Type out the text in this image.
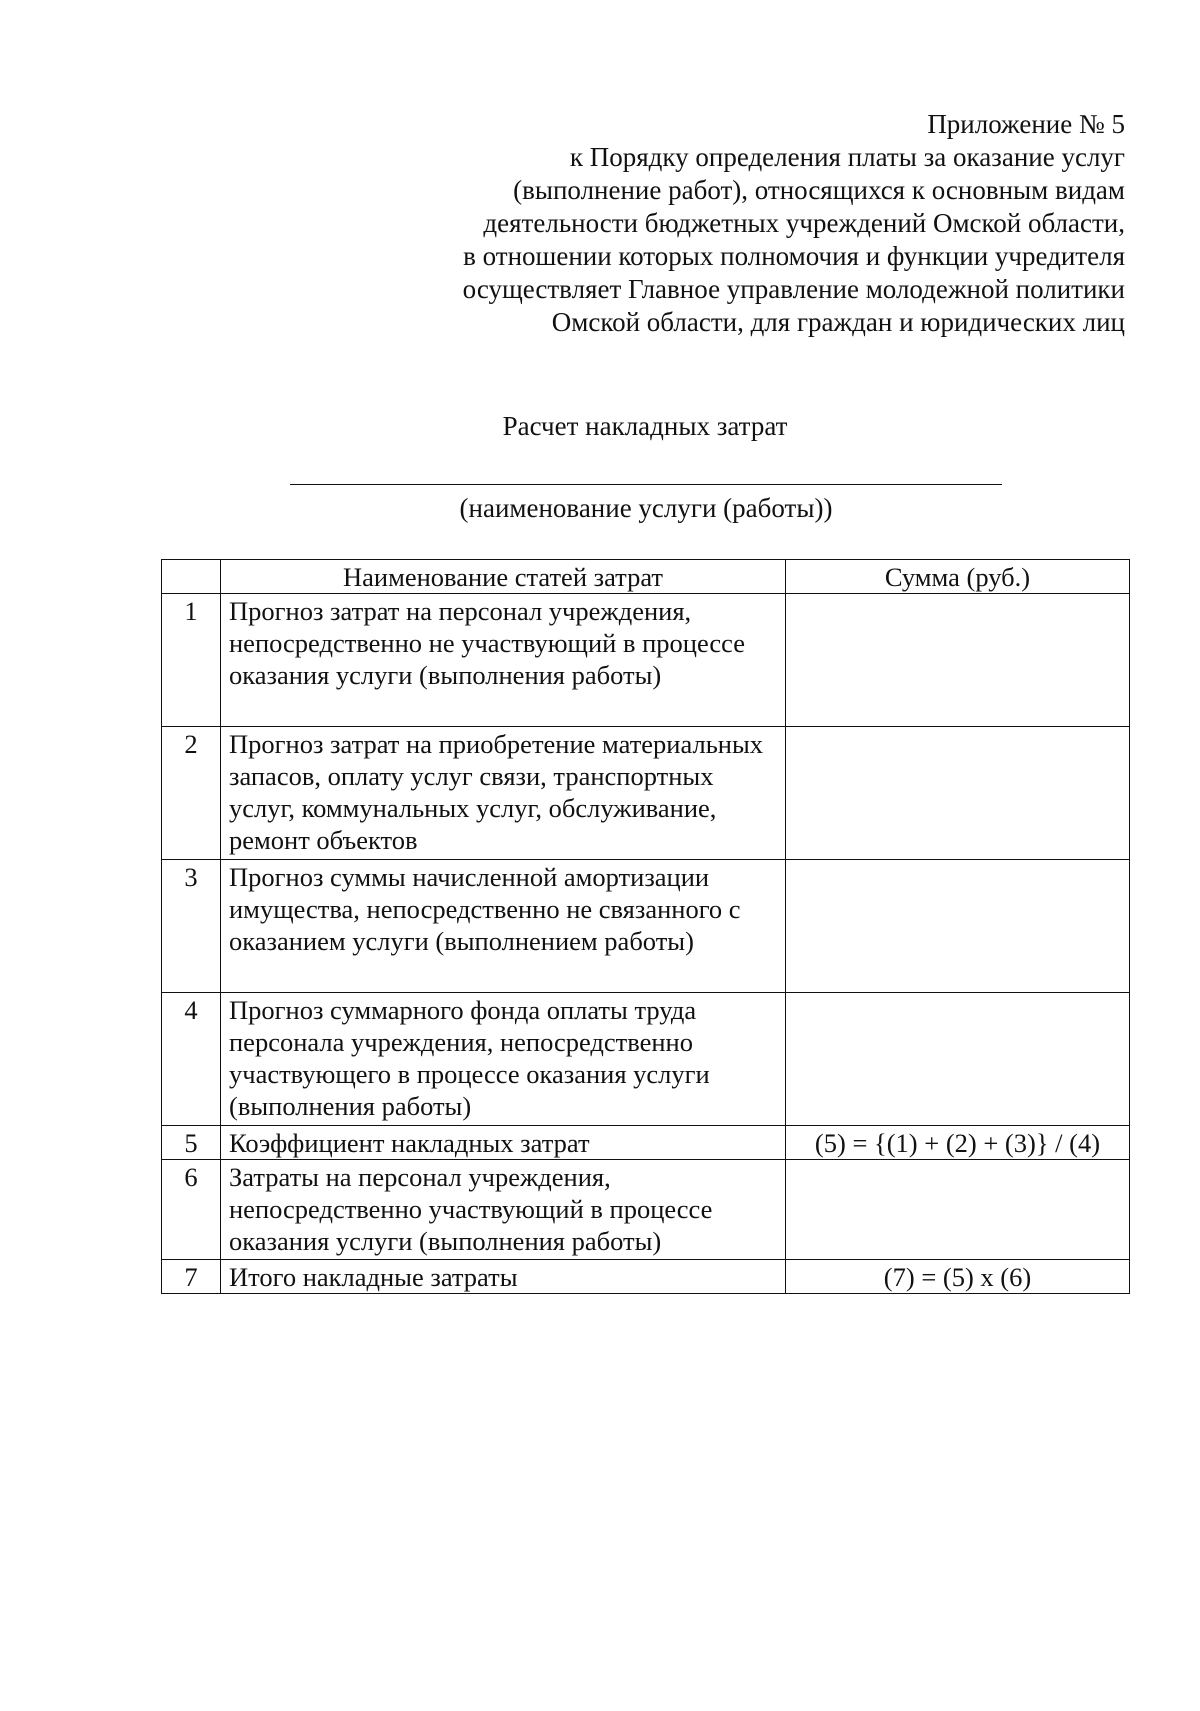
Приложение № 5
к Порядку определения платы за оказание услуг
(выполнение работ), относящихся к основным видам
деятельности бюджетных учреждений Омской области,
в отношении которых полномочия и функции учредителя
осуществляет Главное управление молодежной политики
Омской области, для граждан и юридических лиц
Расчет накладных затрат
(наименование услуги (работы))
	Наименование статей затрат	Сумма (руб.)
1	Прогноз затрат на персонал учреждения, непосредственно не участвующий в процессе оказания услуги (выполнения работы)	
2	Прогноз затрат на приобретение материальных запасов, оплату услуг связи, транспортных услуг, коммунальных услуг, обслуживание, ремонт объектов	
3	Прогноз суммы начисленной амортизации имущества, непосредственно не связанного с оказанием услуги (выполнением работы)	
4	Прогноз суммарного фонда оплаты труда персонала учреждения, непосредственно участвующего в процессе оказания услуги (выполнения работы)	
5	Коэффициент накладных затрат	(5) = {(1) + (2) + (3)} / (4)
6	Затраты на персонал учреждения, непосредственно участвующий в процессе оказания услуги (выполнения работы)	
7	Итого накладные затраты	(7) = (5) х (6)
